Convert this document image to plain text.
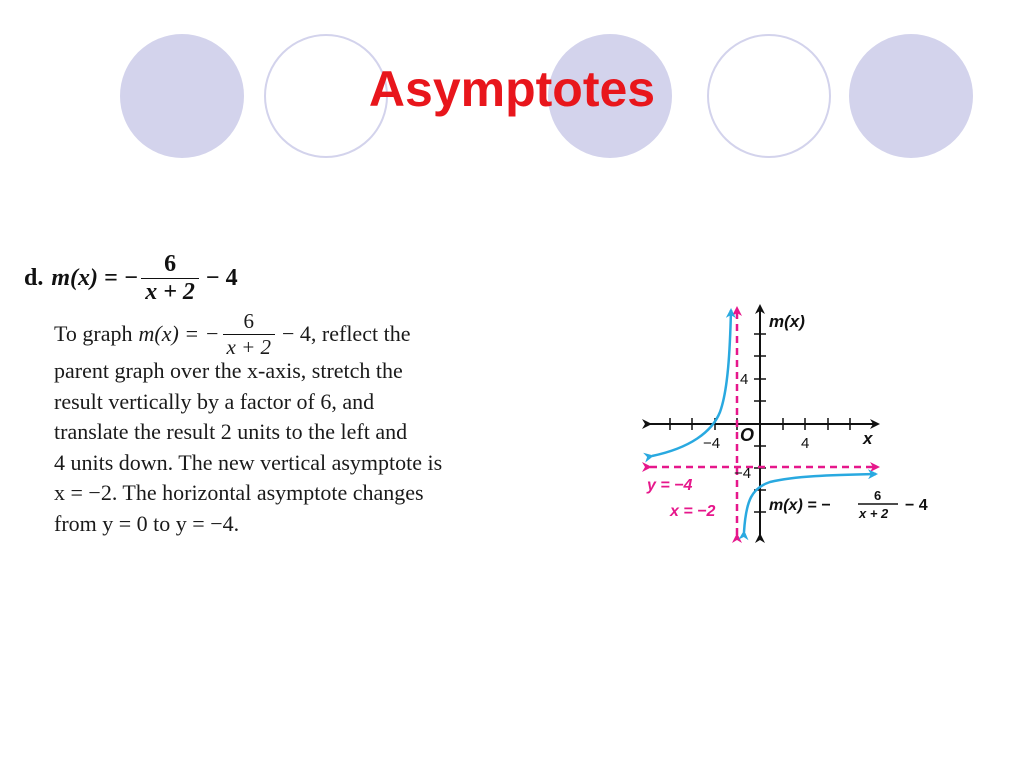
Asymptotes
d. m(x) = − $\frac{6}{x + 2} - 4$
To graph m(x) = − $\frac{6}{x + 2} - 4$, reflect the
parent graph over the x-axis, stretch the
result vertically by a factor of 6, and
translate the result 2 units to the left and
4 units down. The new vertical asymptote is
x = −2. The horizontal asymptote changes
from y = 0 to y = −4.
m(x)
x
O
−4	4
4
−4
y = −4
x = −2	m(x) = −
6
x + 2 − 4
